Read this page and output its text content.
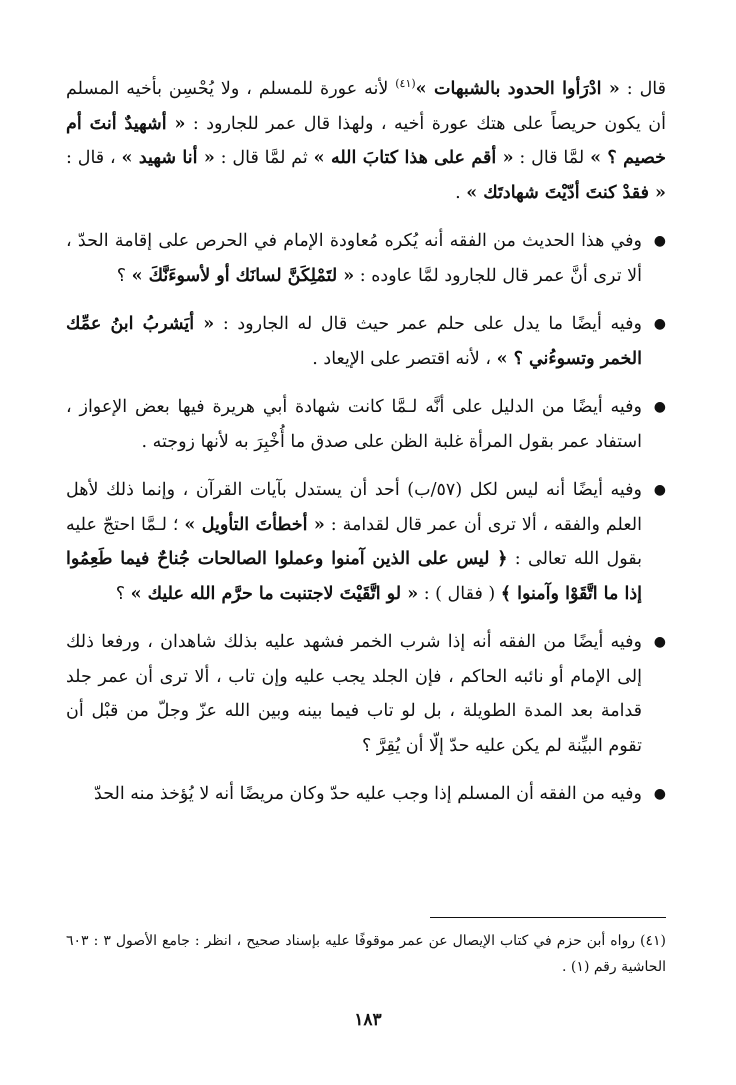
قال : « ادْرَأوا الحدود بالشبهات »$^{(٤١)}$ لأنه عورة للمسلم ، ولا يُحْسِن بأخيه المسلم أن يكون حريصاً على هتك عورة أخيه ، ولهذا قال عمر للجارود : « أشهيدٌ أنتَ أم خصيم ؟ » لمَّا قال : « أقم على هذا كتابَ الله » ثم لمَّا قال : « أنا شهيد » ، قال : « فقدْ كنتَ أدّيْتَ شهادتَك » .
●
وفي هذا الحديث من الفقه أنه يُكره مُعاودة الإمام في الحرص على إقامة الحدّ ، ألا ترى أنَّ عمر قال للجارود لمَّا عاوده : « لتَمْلِكَنَّ لسانَك أو لأسوءَنَّكَ » ؟
●
وفيه أيضًا ما يدل على حلم عمر حيث قال له الجارود : « أيَشربُ ابنُ عمِّك الخمر وتسوءُني ؟ » ، لأنه اقتصر على الإيعاد .
●
وفيه أيضًا من الدليل على أنَّه لـمَّا كانت شهادة أبي هريرة فيها بعض الإعواز ، استفاد عمر بقول المرأة غلبة الظن على صدق ما أُخْبِرَ به لأنها زوجته .
●
وفيه أيضًا أنه ليس لكل (٥٧/ب) أحد أن يستدل بآيات القرآن ، وإنما ذلك لأهل العلم والفقه ، ألا ترى أن عمر قال لقدامة : « أخطأتَ التأويل » ؛ لـمَّا احتجّ عليه بقول الله تعالى : ﴿ ليس على الذين آمنوا وعملوا الصالحات جُناحٌ فيما طَعِمُوا إذا ما اتَّقَوْا وآمنوا ﴾ ( فقال ) : « لو اتَّقَيْتَ لاجتنبت ما حرَّم الله عليك » ؟
●
وفيه أيضًا من الفقه أنه إذا شرب الخمر فشهد عليه بذلك شاهدان ، ورفعا ذلك إلى الإمام أو نائبه الحاكم ، فإن الجلد يجب عليه وإن تاب ، ألا ترى أن عمر جلد قدامة بعد المدة الطويلة ، بل لو تاب فيما بينه وبين الله عزّ وجلّ من قبْل أن تقوم البيِّنة لم يكن عليه حدّ إلّا أن يُقِرَّ ؟
●
وفيه من الفقه أن المسلم إذا وجب عليه حدّ وكان مريضًا أنه لا يُؤخذ منه الحدّ
(٤١) رواه أبن حزم في كتاب الإيصال عن عمر موقوفًا عليه بإسناد صحيح ، انظر : جامع الأصول ٣ : ٦٠٣ الحاشية رقم (١) .
١٨٣
